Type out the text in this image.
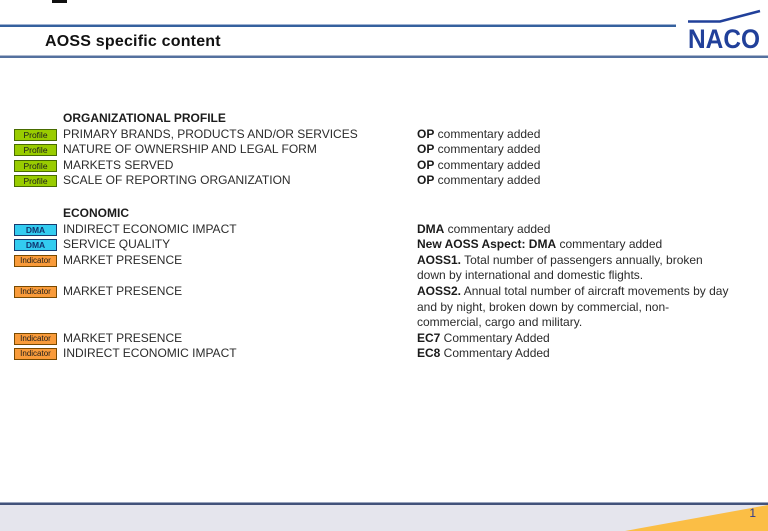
AOSS specific content	NACO
ORGANIZATIONAL PROFILE
Profile	PRIMARY BRANDS, PRODUCTS AND/OR SERVICES	OP commentary added
Profile	NATURE OF OWNERSHIP AND LEGAL FORM	OP commentary added
Profile	MARKETS SERVED	OP commentary added
Profile	SCALE OF REPORTING ORGANIZATION	OP commentary added
ECONOMIC
DMA	INDIRECT ECONOMIC IMPACT	DMA commentary added
DMA	SERVICE QUALITY	New AOSS Aspect: DMA commentary added
Indicator	MARKET PRESENCE	AOSS1. Total number of passengers annually, broken down by international and domestic flights.
Indicator	MARKET PRESENCE	AOSS2. Annual total number of aircraft movements by day and by night, broken down by commercial, non-commercial, cargo and military.
Indicator	MARKET PRESENCE	EC7 Commentary Added
Indicator	INDIRECT ECONOMIC IMPACT	EC8 Commentary Added
1
